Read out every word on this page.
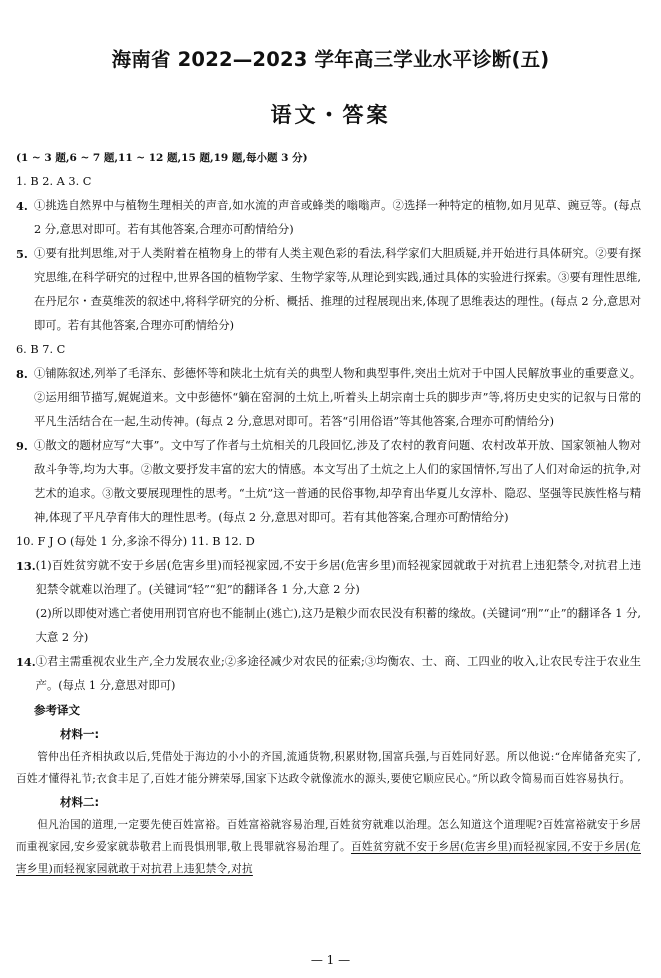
海南省 2022—2023 学年高三学业水平诊断(五)
语文・答案
(1 ~ 3 题,6 ~ 7 题,11 ~ 12 题,15 题,19 题,每小题 3 分)
1. B 2. A 3. C
4. ①挑选自然界中与植物生理相关的声音,如水流的声音或蜂类的嗡嗡声。②选择一种特定的植物,如月见草、豌豆等。(每点 2 分,意思对即可。若有其他答案,合理亦可酌情给分)
5. ①要有批判思维,对于人类附着在植物身上的带有人类主观色彩的看法,科学家们大胆质疑,并开始进行具体研究。②要有探究思维,在科学研究的过程中,世界各国的植物学家、生物学家等,从理论到实践,通过具体的实验进行探索。③要有理性思维,在丹尼尔・查莫维茨的叙述中,将科学研究的分析、概括、推理的过程展现出来,体现了思维表达的理性。(每点 2 分,意思对即可。若有其他答案,合理亦可酌情给分)
6. B 7. C
8. ①铺陈叙述,列举了毛泽东、彭德怀等和陕北土炕有关的典型人物和典型事件,突出土炕对于中国人民解放事业的重要意义。②运用细节描写,娓娓道来。文中彭德怀“躺在窑洞的土炕上,听着头上胡宗南士兵的脚步声”等,将历史史实的记叙与日常的平凡生活结合在一起,生动传神。(每点 2 分,意思对即可。若答“引用俗语”等其他答案,合理亦可酌情给分)
9. ①散文的题材应写“大事”。文中写了作者与土炕相关的几段回忆,涉及了农村的教育问题、农村改革开放、国家领袖人物对敌斗争等,均为大事。②散文要抒发丰富的宏大的情感。本文写出了土炕之上人们的家国情怀,写出了人们对命运的抗争,对艺术的追求。③散文要展现理性的思考。“土炕”这一普通的民俗事物,却孕育出华夏儿女淳朴、隐忍、坚强等民族性格与精神,体现了平凡孕育伟大的理性思考。(每点 2 分,意思对即可。若有其他答案,合理亦可酌情给分)
10. F J O (每处 1 分,多涂不得分) 11. B 12. D
13. (1)百姓贫穷就不安于乡居(危害乡里)而轻视家园,不安于乡居(危害乡里)而轻视家园就敢于对抗君上违犯禁令,对抗君上违犯禁令就难以治理了。(关键词“轻”“犯”的翻译各 1 分,大意 2 分)
(2)所以即使对逃亡者使用刑罚官府也不能制止(逃亡),这乃是粮少而农民没有积蓄的缘故。(关键词“刑”“止”的翻译各 1 分,大意 2 分)
14. ①君主需重视农业生产,全力发展农业;②多途径减少对农民的征索;③均衡农、士、商、工四业的收入,让农民专注于农业生产。(每点 1 分,意思对即可)
参考译文
材料一:
管仲出任齐相执政以后,凭借处于海边的小小的齐国,流通货物,积累财物,国富兵强,与百姓同好恶。所以他说:“仓库储备充实了,百姓才懂得礼节;衣食丰足了,百姓才能分辨荣辱,国家下达政令就像流水的源头,要使它顺应民心。”所以政令简易而百姓容易执行。
材料二:
但凡治国的道理,一定要先使百姓富裕。百姓富裕就容易治理,百姓贫穷就难以治理。怎么知道这个道理呢?百姓富裕就安于乡居而重视家园,安乡爱家就恭敬君上而畏惧刑罪,敬上畏罪就容易治理了。百姓贫穷就不安于乡居(危害乡里)而轻视家园,不安于乡居(危害乡里)而轻视家园就敢于对抗君上违犯禁令,对抗
— 1 —
